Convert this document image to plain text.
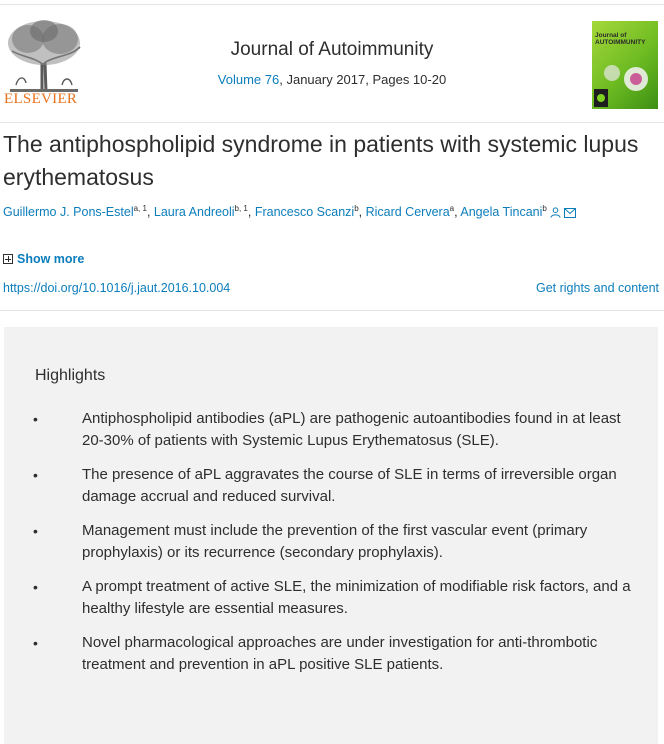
ELSEVIER
Journal of Autoimmunity
Volume 76, January 2017, Pages 10-20
Journal of AUTOIMMUNITY
The antiphospholipid syndrome in patients with systemic lupus erythematosus
Guillermo J. Pons-Estel$^{a, 1}$, Laura Andreoli$^{b, 1}$, Francesco Scanzi$^b$, Ricard Cervera$^a$, Angela Tincani$^b$
Show more
https://doi.org/10.1016/j.jaut.2016.10.004	Get rights and content
Highlights
•	Antiphospholipid antibodies (aPL) are pathogenic autoantibodies found in at least 20-30% of patients with Systemic Lupus Erythematosus (SLE).
•	The presence of aPL aggravates the course of SLE in terms of irreversible organ damage accrual and reduced survival.
•	Management must include the prevention of the first vascular event (primary prophylaxis) or its recurrence (secondary prophylaxis).
•	A prompt treatment of active SLE, the minimization of modifiable risk factors, and a healthy lifestyle are essential measures.
•	Novel pharmacological approaches are under investigation for anti-thrombotic treatment and prevention in aPL positive SLE patients.
